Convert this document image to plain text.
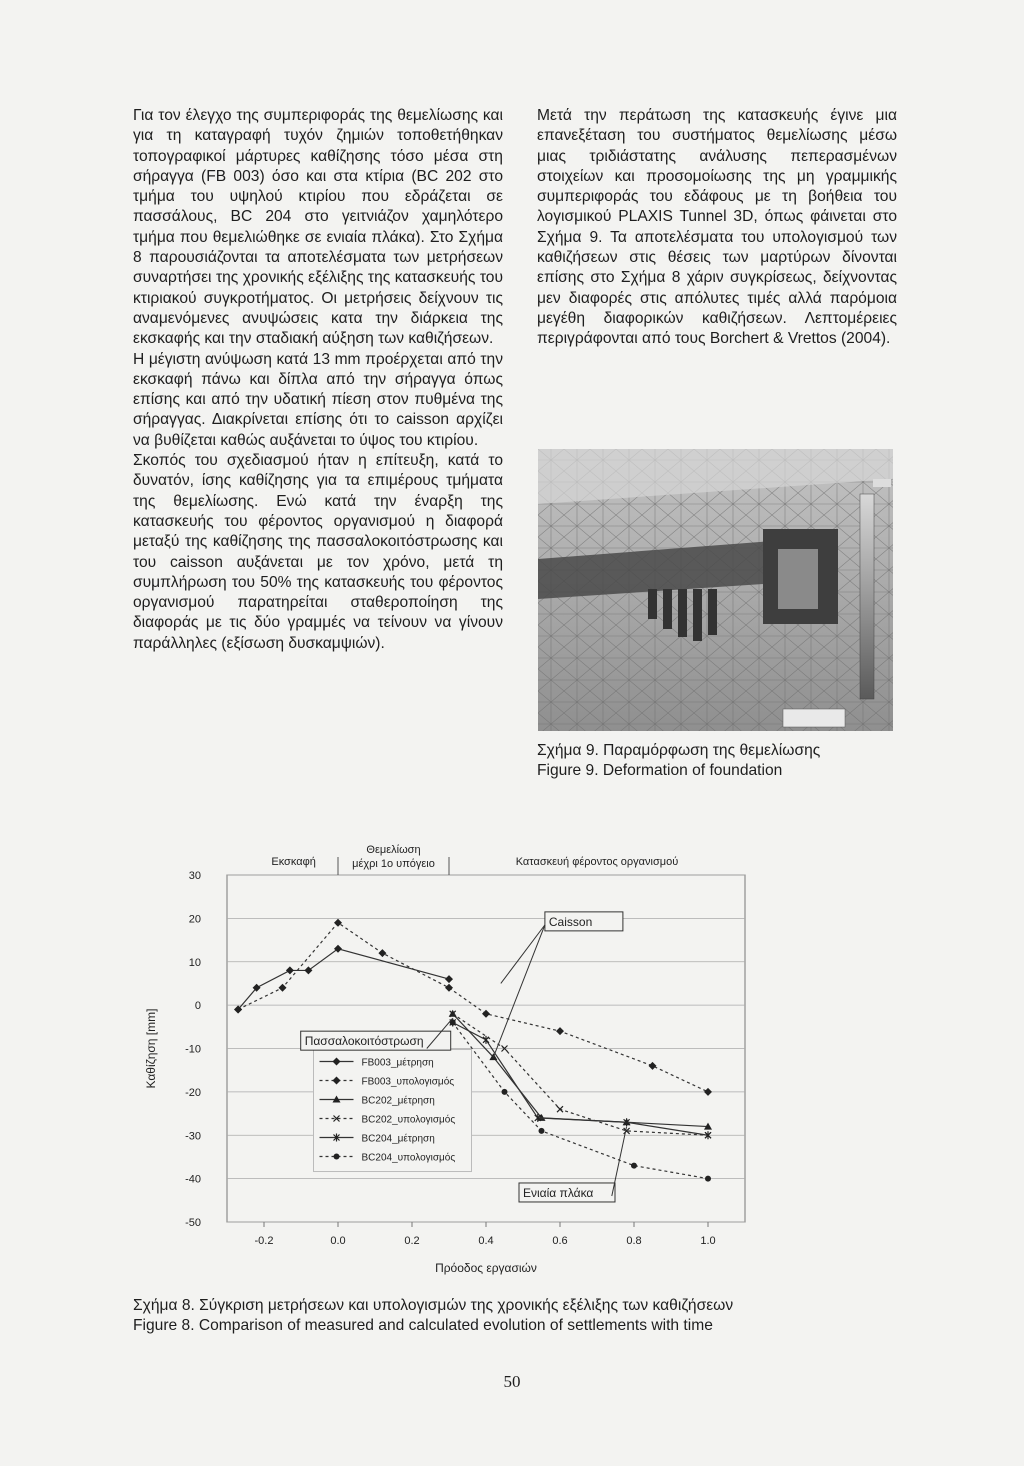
Για τον έλεγχο της συμπεριφοράς της θεμελίωσης και για τη καταγραφή τυχόν ζημιών τοποθετήθηκαν τοπογραφικοί μάρτυρες καθίζησης τόσο μέσα στη σήραγγα (FB 003) όσο και στα κτίρια (BC 202 στο τμήμα του υψηλού κτιρίου που εδράζεται σε πασσάλους, BC 204 στο γειτνιάζον χαμηλότερο τμήμα που θεμελιώθηκε σε ενιαία πλάκα). Στο Σχήμα 8 παρουσιάζονται τα αποτελέσματα των μετρήσεων συναρτήσει της χρονικής εξέλιξης της κατασκευής του κτιριακού συγκροτήματος. Οι μετρήσεις δείχνουν τις αναμενόμενες ανυψώσεις κατα την διάρκεια της εκσκαφής και την σταδιακή αύξηση των καθιζήσεων.

Η μέγιστη ανύψωση κατά 13 mm προέρχεται από την εκσκαφή πάνω και δίπλα από την σήραγγα όπως επίσης και από την υδατική πίεση στον πυθμένα της σήραγγας. Διακρίνεται επίσης ότι το caisson αρχίζει να βυθίζεται καθώς αυξάνεται το ύψος του κτιρίου.

Σκοπός του σχεδιασμού ήταν η επίτευξη, κατά το δυνατόν, ίσης καθίζησης για τα επιμέρους τμήματα της θεμελίωσης. Ενώ κατά την έναρξη της κατασκευής του φέροντος οργανισμού η διαφορά μεταξύ της καθίζησης της πασσαλοκοιτόστρωσης και του caisson αυξάνεται με τον χρόνο, μετά τη συμπλήρωση του 50% της κατασκευής του φέροντος οργανισμού παρατηρείται σταθεροποίηση της διαφοράς με τις δύο γραμμές να τείνουν να γίνουν παράλληλες (εξίσωση δυσκαμψιών).

Μετά την περάτωση της κατασκευής έγινε μια επανεξέταση του συστήματος θεμελίωσης μέσω μιας τριδιάστατης ανάλυσης πεπερασμένων στοιχείων και προσομοίωσης της μη γραμμικής συμπεριφοράς του εδάφους με τη βοήθεια του λογισμικού PLAXIS Tunnel 3D, όπως φάινεται στο Σχήμα 9. Τα αποτελέσματα του υπολογισμού των καθιζήσεων στις θέσεις των μαρτύρων δίνονται επίσης στο Σχήμα 8 χάριν συγκρίσεως, δείχνοντας μεν διαφορές στις απόλυτες τιμές αλλά παρόμοια μεγέθη διαφορικών καθιζήσεων. Λεπτομέρειες περιγράφονται από τους Borchert & Vrettos (2004).

Σχήμα 9. Παραμόρφωση της θεμελίωσης
Figure 9. Deformation of foundation
30
20
10
0
-10
-20
-30
-40
-50
-0.2	0.0	0.2	0.4	0.6	0.8	1.0
Πρόοδος εργασιών
Καθίζηση [mm]
Εκσκαφή
Θεμελίωση
μέχρι 1ο υπόγειο	Κατασκευή φέροντος οργανισμού
FB003_μέτρηση
FB003_υπολογισμός
BC202_μέτρηση
BC202_υπολογισμός
BC204_μέτρηση
BC204_υπολογισμός
Caisson
Πασσαλοκοιτόστρωση
Ενιαία πλάκα
Σχήμα 8. Σύγκριση μετρήσεων και υπολογισμών της χρονικής εξέλιξης των καθιζήσεων
Figure 8. Comparison of measured and calculated evolution of settlements with time
50
